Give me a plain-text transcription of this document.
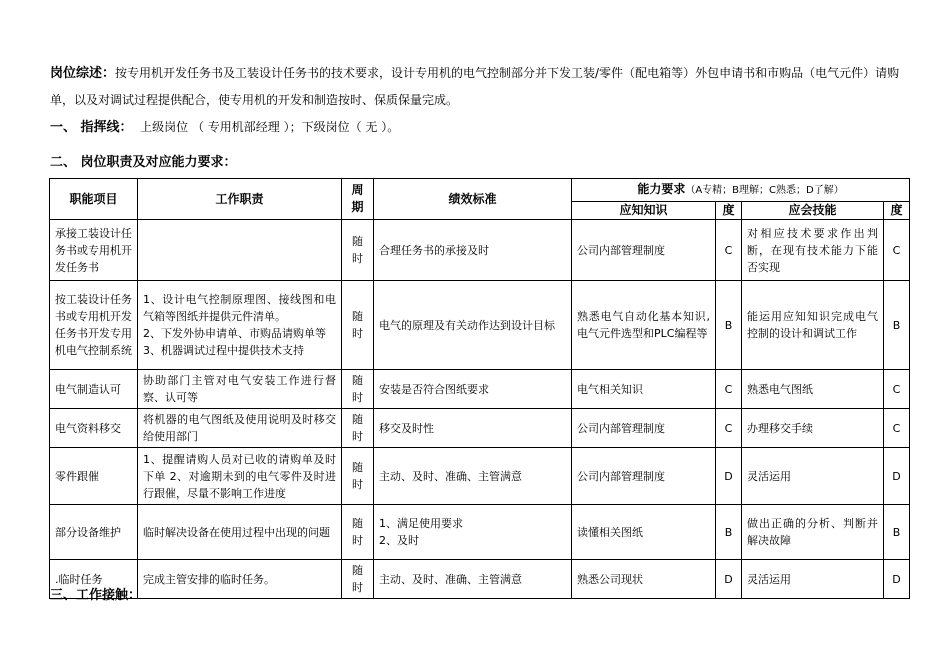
岗位综述：按专用机开发任务书及工装设计任务书的技术要求，设计专用机的电气控制部分并下发工装/零件（配电箱等）外包申请书和市购品（电气元件）请购单，以及对调试过程提供配合，使专用机的开发和制造按时、保质保量完成。
一、 指挥线： 上级岗位 （ 专用机部经理 ）；下级岗位（ 无 ）。
二、 岗位职责及对应能力要求：
职能项目	工作职责	周期	绩效标准	能力要求（A专精；B理解；C熟悉；D了解）			
				应知知识	度	应会技能	度
承接工装设计任务书或专用机开发任务书		随时	合理任务书的承接及时	公司内部管理制度	C	对相应技术要求作出判断，在现有技术能力下能否实现	C
按工装设计任务书或专用机开发任务书开发专用机电气控制系统	1、设计电气控制原理图、接线图和电气箱等图纸并提供元件清单。
2、下发外协申请单、市购品请购单等
3、机器调试过程中提供技术支持	随时	电气的原理及有关动作达到设计目标	熟悉电气自动化基本知识,电气元件选型和PLC编程等	B	能运用应知知识完成电气控制的设计和调试工作	B
电气制造认可	协助部门主管对电气安装工作进行督察、认可等	随时	安装是否符合图纸要求	电气相关知识	C	熟悉电气图纸	C
电气资料移交	将机器的电气图纸及使用说明及时移交给使用部门	随时	移交及时性	公司内部管理制度	C	办理移交手续	C
零件跟催	1、提醒请购人员对已收的请购单及时下单 2、对逾期未到的电气零件及时进行跟催，尽量不影响工作进度	随时	主动、及时、准确、主管满意	公司内部管理制度	D	灵活运用	D
部分设备维护	临时解决设备在使用过程中出现的问题	随时	1、满足使用要求
2、及时	读懂相关图纸	B	做出正确的分析、判断并解决故障	B
.临时任务	完成主管安排的临时任务。	随时	主动、及时、准确、主管满意	熟悉公司现状	D	灵活运用	D
三、工作接触：
